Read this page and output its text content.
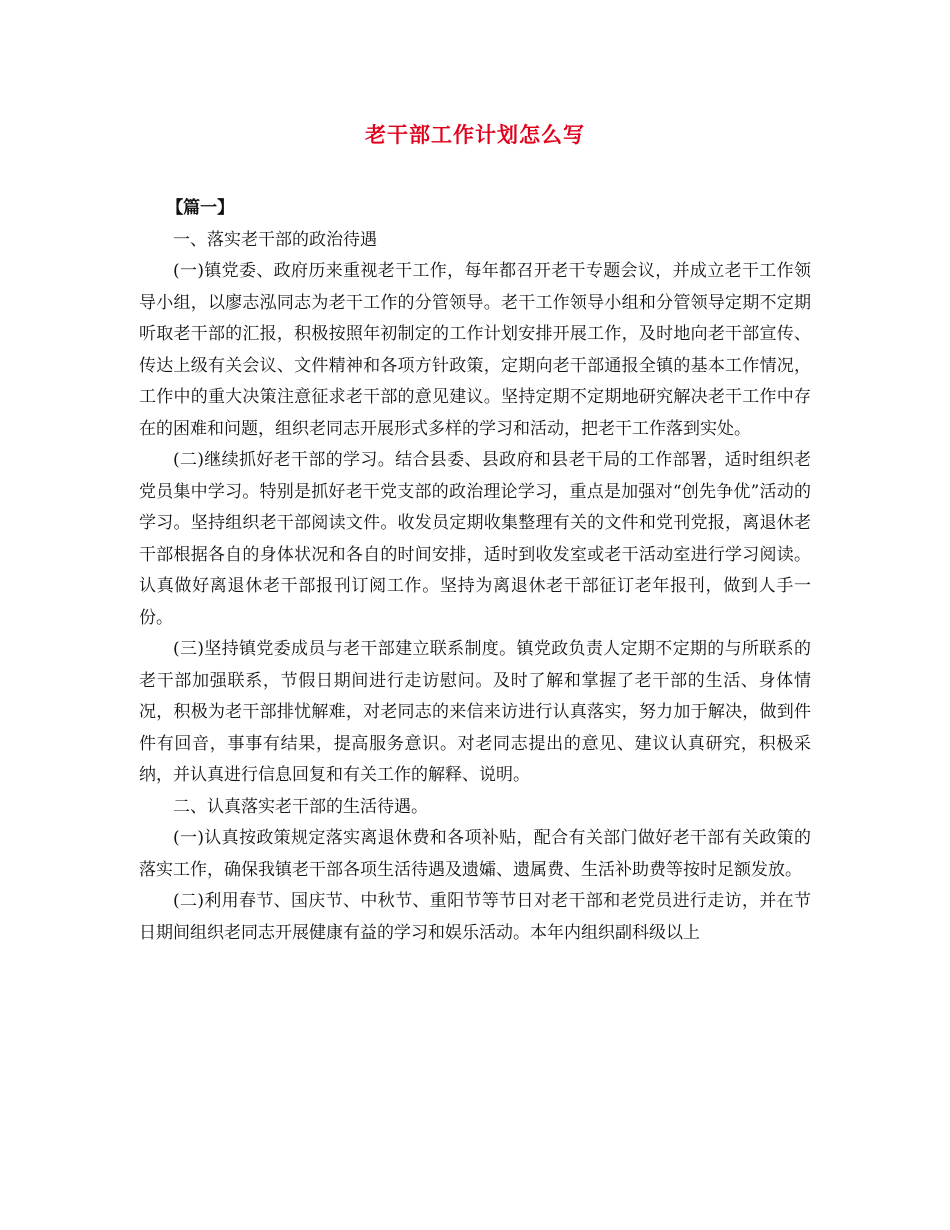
老干部工作计划怎么写

【篇一】

一、落实老干部的政治待遇

(一)镇党委、政府历来重视老干工作，每年都召开老干专题会议，并成立老干工作领导小组，以廖志泓同志为老干工作的分管领导。老干工作领导小组和分管领导定期不定期听取老干部的汇报，积极按照年初制定的工作计划安排开展工作，及时地向老干部宣传、传达上级有关会议、文件精神和各项方针政策，定期向老干部通报全镇的基本工作情况，工作中的重大决策注意征求老干部的意见建议。坚持定期不定期地研究解决老干工作中存在的困难和问题，组织老同志开展形式多样的学习和活动，把老干工作落到实处。

(二)继续抓好老干部的学习。结合县委、县政府和县老干局的工作部署，适时组织老党员集中学习。特别是抓好老干党支部的政治理论学习，重点是加强对“创先争优”活动的学习。坚持组织老干部阅读文件。收发员定期收集整理有关的文件和党刊党报，离退休老干部根据各自的身体状况和各自的时间安排，适时到收发室或老干活动室进行学习阅读。认真做好离退休老干部报刊订阅工作。坚持为离退休老干部征订老年报刊，做到人手一份。

(三)坚持镇党委成员与老干部建立联系制度。镇党政负责人定期不定期的与所联系的老干部加强联系，节假日期间进行走访慰问。及时了解和掌握了老干部的生活、身体情况，积极为老干部排忧解难，对老同志的来信来访进行认真落实，努力加于解决，做到件件有回音，事事有结果，提高服务意识。对老同志提出的意见、建议认真研究，积极采纳，并认真进行信息回复和有关工作的解释、说明。

二、认真落实老干部的生活待遇。

(一)认真按政策规定落实离退休费和各项补贴，配合有关部门做好老干部有关政策的落实工作，确保我镇老干部各项生活待遇及遗孀、遗属费、生活补助费等按时足额发放。

(二)利用春节、国庆节、中秋节、重阳节等节日对老干部和老党员进行走访，并在节日期间组织老同志开展健康有益的学习和娱乐活动。本年内组织副科级以上
